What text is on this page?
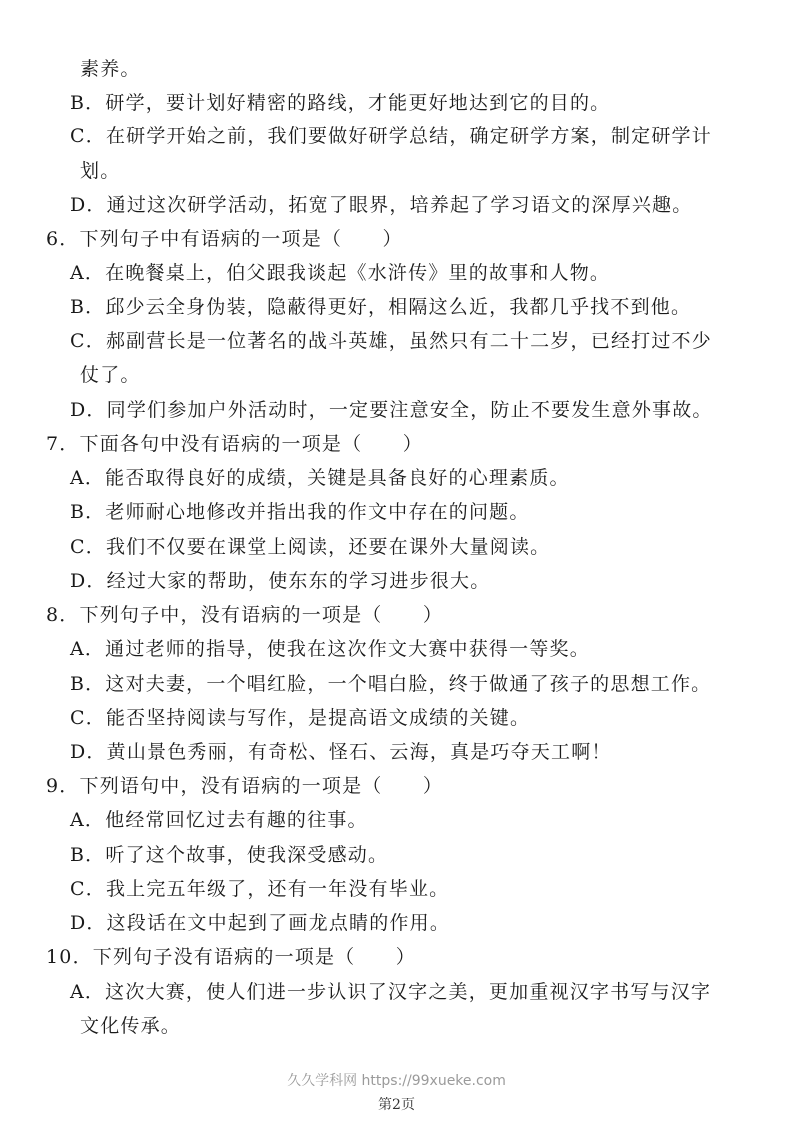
素养。
B．研学，要计划好精密的路线，才能更好地达到它的目的。
C．在研学开始之前，我们要做好研学总结，确定研学方案，制定研学计
划。
D．通过这次研学活动，拓宽了眼界，培养起了学习语文的深厚兴趣。
6．下列句子中有语病的一项是（　　）
A．在晚餐桌上，伯父跟我谈起《水浒传》里的故事和人物。
B．邱少云全身伪装，隐蔽得更好，相隔这么近，我都几乎找不到他。
C．郝副营长是一位著名的战斗英雄，虽然只有二十二岁，已经打过不少
仗了。
D．同学们参加户外活动时，一定要注意安全，防止不要发生意外事故。
7．下面各句中没有语病的一项是（　　）
A．能否取得良好的成绩，关键是具备良好的心理素质。
B．老师耐心地修改并指出我的作文中存在的问题。
C．我们不仅要在课堂上阅读，还要在课外大量阅读。
D．经过大家的帮助，使东东的学习进步很大。
8．下列句子中，没有语病的一项是（　　）
A．通过老师的指导，使我在这次作文大赛中获得一等奖。
B．这对夫妻，一个唱红脸，一个唱白脸，终于做通了孩子的思想工作。
C．能否坚持阅读与写作，是提高语文成绩的关键。
D．黄山景色秀丽，有奇松、怪石、云海，真是巧夺天工啊！
9．下列语句中，没有语病的一项是（　　）
A．他经常回忆过去有趣的往事。
B．听了这个故事，使我深受感动。
C．我上完五年级了，还有一年没有毕业。
D．这段话在文中起到了画龙点睛的作用。
10．下列句子没有语病的一项是（　　）
A．这次大赛，使人们进一步认识了汉字之美，更加重视汉字书写与汉字
文化传承。
久久学科网 https://99xueke.com
第2页
